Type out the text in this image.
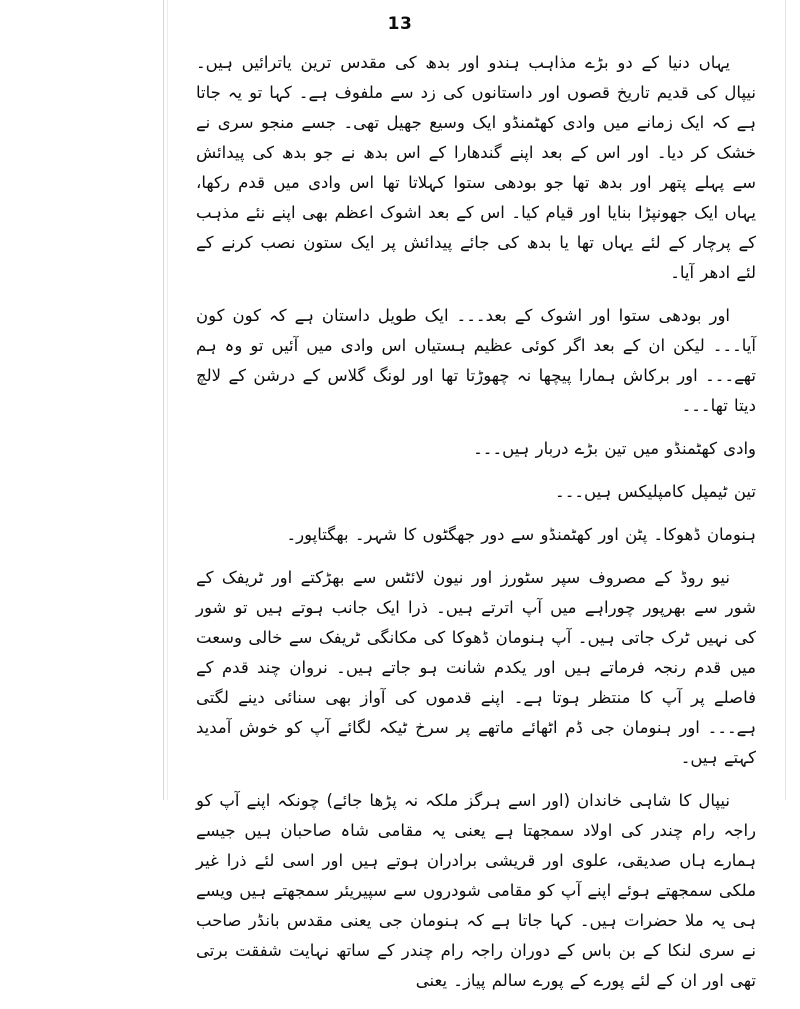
13

یہاں دنیا کے دو بڑے مذاہب ہندو اور بدھ کی مقدس ترین یاترائیں ہیں۔ نیپال کی قدیم تاریخ قصوں اور داستانوں کی زد سے ملفوف ہے۔ کہا تو یہ جاتا ہے کہ ایک زمانے میں وادی کھٹمنڈو ایک وسیع جھیل تھی۔ جسے منجو سری نے خشک کر دیا۔ اور اس کے بعد اپنے گندھارا کے اس بدھ نے جو بدھ کی پیدائش سے پہلے پتھر اور بدھ تھا جو بودھی ستوا کہلاتا تھا اس وادی میں قدم رکھا، یہاں ایک جھونپڑا بنایا اور قیام کیا۔ اس کے بعد اشوک اعظم بھی اپنے نئے مذہب کے پرچار کے لئے یہاں تھا یا بدھ کی جائے پیدائش پر ایک ستون نصب کرنے کے لئے ادھر آیا۔

اور بودھی ستوا اور اشوک کے بعد۔۔۔ ایک طویل داستان ہے کہ کون کون آیا۔۔۔ لیکن ان کے بعد اگر کوئی عظیم ہستیاں اس وادی میں آئیں تو وہ ہم تھے۔۔۔ اور برکاش ہمارا پیچھا نہ چھوڑتا تھا اور لونگ گلاس کے درشن کے لالچ دیتا تھا۔۔۔

وادی کھٹمنڈو میں تین بڑے دربار ہیں۔۔۔

تین ٹیمپل کامپلیکس ہیں۔۔۔

ہنومان ڈھوکا۔ پٹن اور کھٹمنڈو سے دور جھگٹوں کا شہر۔ بھگتاپور۔

نیو روڈ کے مصروف سپر سٹورز اور نیون لائٹس سے بھڑکتے اور ٹریفک کے شور سے بھرپور چوراہے میں آپ اترتے ہیں۔ ذرا ایک جانب ہوتے ہیں تو شور کی نہیں ٹرک جاتی ہیں۔ آپ ہنومان ڈھوکا کی مکانگی ٹریفک سے خالی وسعت میں قدم رنجہ فرماتے ہیں اور یکدم شانت ہو جاتے ہیں۔ نروان چند قدم کے فاصلے پر آپ کا منتظر ہوتا ہے۔ اپنے قدموں کی آواز بھی سنائی دینے لگتی ہے۔۔۔ اور ہنومان جی ڈم اٹھائے ماتھے پر سرخ ٹیکہ لگائے آپ کو خوش آمدید کہتے ہیں۔

نیپال کا شاہی خاندان (اور اسے ہرگز ملکہ نہ پڑھا جائے) چونکہ اپنے آپ کو راجہ رام چندر کی اولاد سمجھتا ہے یعنی یہ مقامی شاہ صاحبان ہیں جیسے ہمارے ہاں صدیقی، علوی اور قریشی برادران ہوتے ہیں اور اسی لئے ذرا غیر ملکی سمجھتے ہوئے اپنے آپ کو مقامی شودروں سے سپیریئر سمجھتے ہیں ویسے ہی یہ ملا حضرات ہیں۔ کہا جاتا ہے کہ ہنومان جی یعنی مقدس بانڈر صاحب نے سری لنکا کے بن باس کے دوران راجہ رام چندر کے ساتھ نہایت شفقت برتی تھی اور ان کے لئے پورے کے پورے سالم پیاز۔ یعنی
